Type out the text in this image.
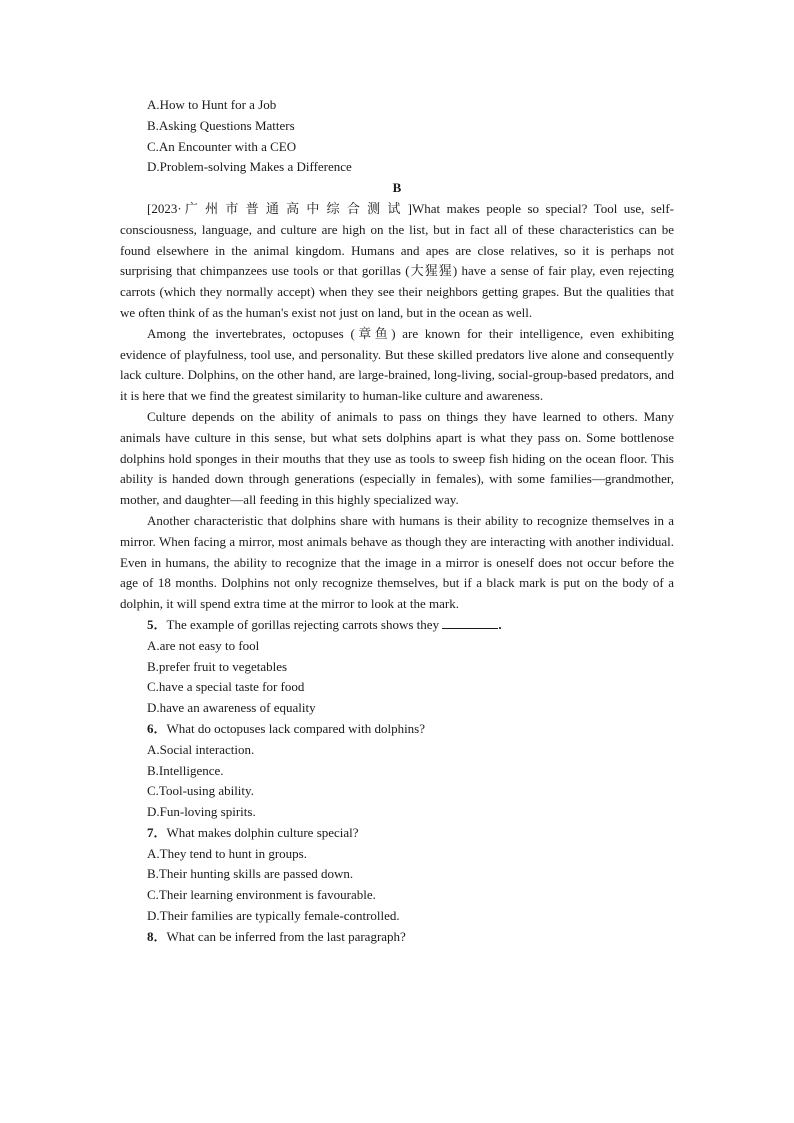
A.How to Hunt for a Job

B.Asking Questions Matters

C.An Encounter with a CEO

D.Problem-solving Makes a Difference

B

[2023·广州市普通高中综合测试]What makes people so special? Tool use, self-consciousness, language, and culture are high on the list, but in fact all of these characteristics can be found elsewhere in the animal kingdom. Humans and apes are close relatives, so it is perhaps not surprising that chimpanzees use tools or that gorillas (大猩猩) have a sense of fair play, even rejecting carrots (which they normally accept) when they see their neighbors getting grapes. But the qualities that we often think of as the human's exist not just on land, but in the ocean as well.

Among the invertebrates, octopuses (章鱼) are known for their intelligence, even exhibiting evidence of playfulness, tool use, and personality. But these skilled predators live alone and consequently lack culture. Dolphins, on the other hand, are large-brained, long-living, social-group-based predators, and it is here that we find the greatest similarity to human-like culture and awareness.

Culture depends on the ability of animals to pass on things they have learned to others. Many animals have culture in this sense, but what sets dolphins apart is what they pass on. Some bottlenose dolphins hold sponges in their mouths that they use as tools to sweep fish hiding on the ocean floor. This ability is handed down through generations (especially in females), with some families—grandmother, mother, and daughter—all feeding in this highly specialized way.

Another characteristic that dolphins share with humans is their ability to recognize themselves in a mirror. When facing a mirror, most animals behave as though they are interacting with another individual. Even in humans, the ability to recognize that the image in a mirror is oneself does not occur before the age of 18 months. Dolphins not only recognize themselves, but if a black mark is put on the body of a dolphin, it will spend extra time at the mirror to look at the mark.

5．The example of gorillas rejecting carrots shows they	.

A.are not easy to fool

B.prefer fruit to vegetables

C.have a special taste for food

D.have an awareness of equality

6．What do octopuses lack compared with dolphins?

A.Social interaction.

B.Intelligence.

C.Tool-using ability.

D.Fun-loving spirits.

7．What makes dolphin culture special?

A.They tend to hunt in groups.

B.Their hunting skills are passed down.

C.Their learning environment is favourable.

D.Their families are typically female-controlled.

8．What can be inferred from the last paragraph?
